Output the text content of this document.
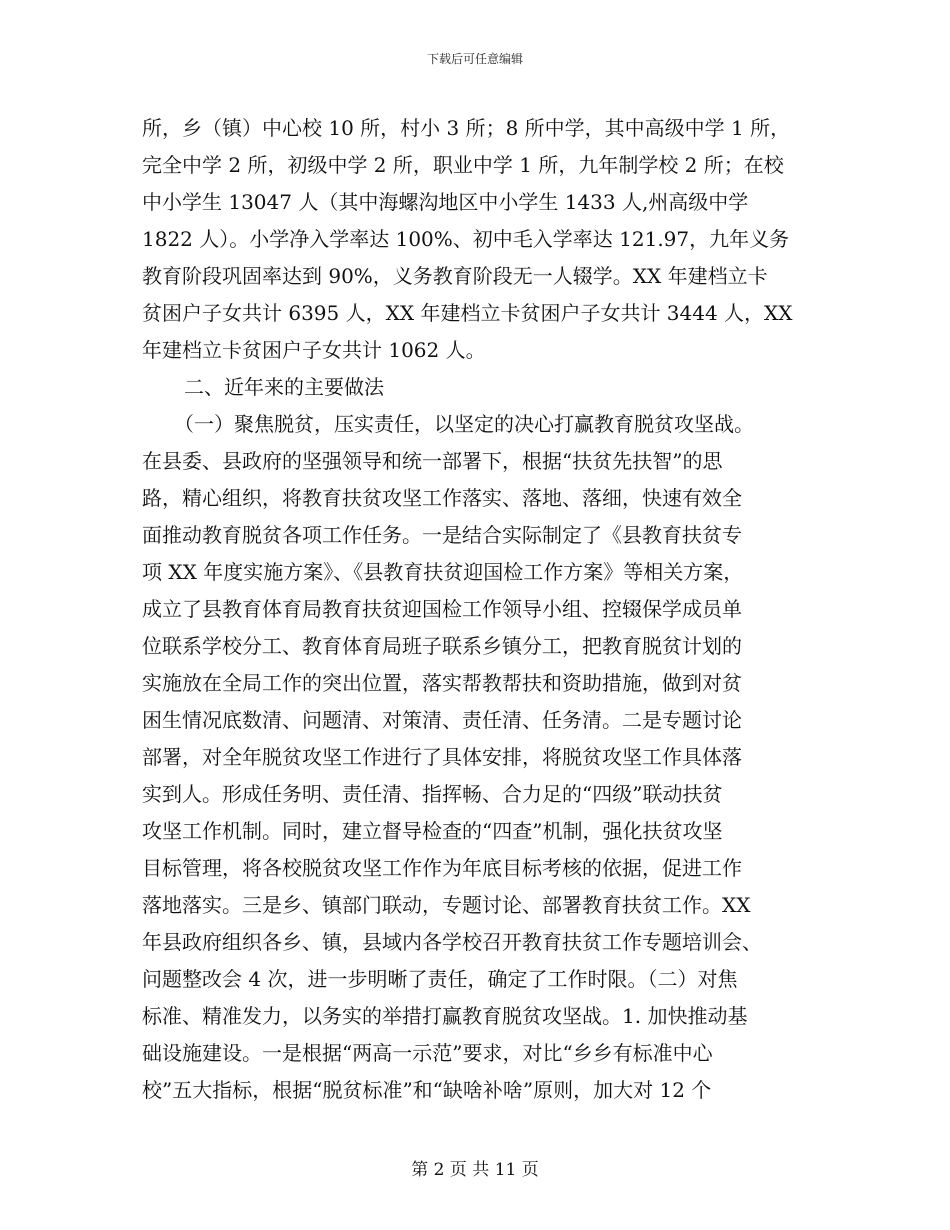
下载后可任意编辑
所，乡（镇）中心校 10 所，村小 3 所；8 所中学，其中高级中学 1 所，
完全中学 2 所，初级中学 2 所，职业中学 1 所，九年制学校 2 所；在校
中小学生 13047 人（其中海螺沟地区中小学生 1433 人,州高级中学
1822 人）。小学净入学率达 100%、初中毛入学率达 121.97，九年义务
教育阶段巩固率达到 90%，义务教育阶段无一人辍学。XX 年建档立卡
贫困户子女共计 6395 人，XX 年建档立卡贫困户子女共计 3444 人，XX
年建档立卡贫困户子女共计 1062 人。
二、近年来的主要做法
（一）聚焦脱贫，压实责任，以坚定的决心打赢教育脱贫攻坚战。
在县委、县政府的坚强领导和统一部署下，根据“扶贫先扶智”的思
路，精心组织，将教育扶贫攻坚工作落实、落地、落细，快速有效全
面推动教育脱贫各项工作任务。一是结合实际制定了《县教育扶贫专
项 XX 年度实施方案》、《县教育扶贫迎国检工作方案》等相关方案，
成立了县教育体育局教育扶贫迎国检工作领导小组、控辍保学成员单
位联系学校分工、教育体育局班子联系乡镇分工，把教育脱贫计划的
实施放在全局工作的突出位置，落实帮教帮扶和资助措施，做到对贫
困生情况底数清、问题清、对策清、责任清、任务清。二是专题讨论
部署，对全年脱贫攻坚工作进行了具体安排，将脱贫攻坚工作具体落
实到人。形成任务明、责任清、指挥畅、合力足的“四级”联动扶贫
攻坚工作机制。同时，建立督导检查的“四查”机制，强化扶贫攻坚
目标管理，将各校脱贫攻坚工作作为年底目标考核的依据，促进工作
落地落实。三是乡、镇部门联动，专题讨论、部署教育扶贫工作。XX
年县政府组织各乡、镇，县域内各学校召开教育扶贫工作专题培训会、
问题整改会 4 次，进一步明晰了责任，确定了工作时限。（二）对焦
标准、精准发力，以务实的举措打赢教育脱贫攻坚战。1. 加快推动基
础设施建设。一是根据“两高一示范”要求，对比“乡乡有标准中心
校”五大指标，根据“脱贫标准”和“缺啥补啥”原则，加大对 12 个
第 2 页 共 11 页
